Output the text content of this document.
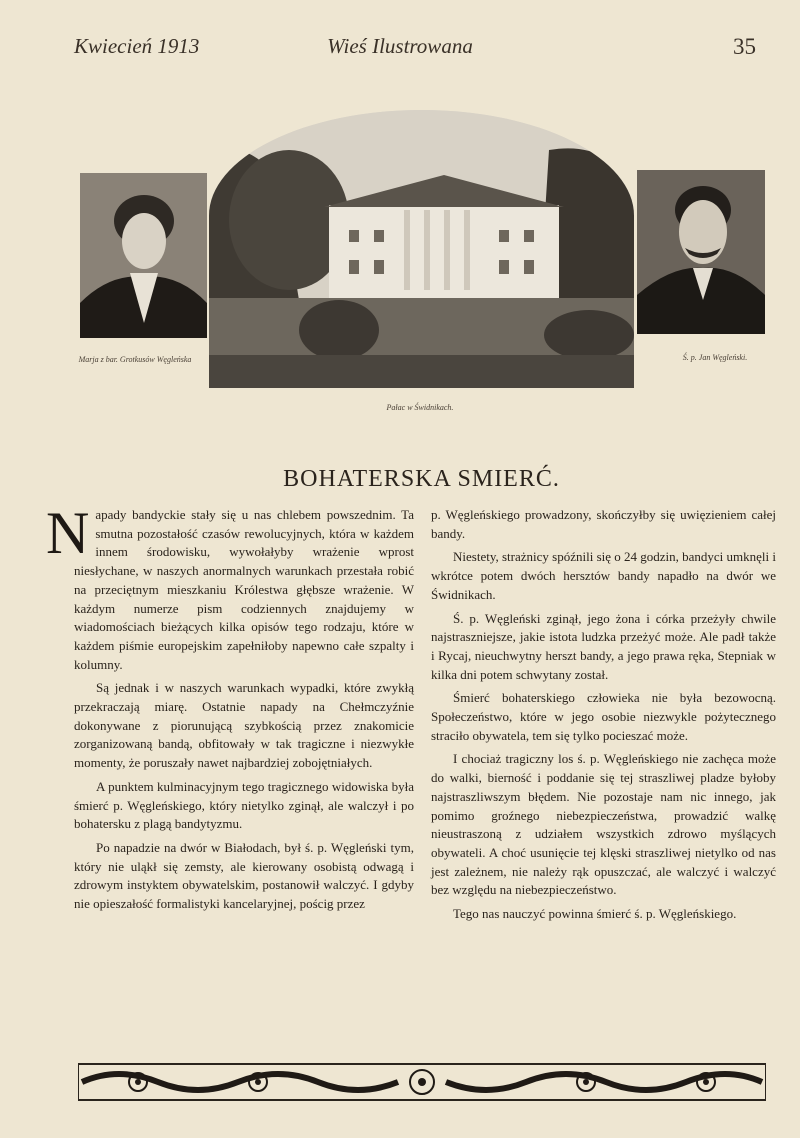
Kwiecień 1913	Wieś Ilustrowana	35
Marja z bar. Grotkusów Węgleńska	Ś. p. Jan Węgleński.
Pałac w Świdnikach.
BOHATERSKA SMIERĆ.

Napady bandyckie stały się u nas chlebem powszednim. Ta smutna pozostałość czasów rewolucyjnych, która w każdem innem środowisku, wywołałyby wrażenie wprost niesłychane, w naszych anormalnych warunkach przestała robić na przeciętnym mieszkaniu Królestwa głębsze wrażenie. W każdym numerze pism codziennych znajdujemy w wiadomościach bieżących kilka opisów tego rodzaju, które w każdem piśmie europejskim zapełniłoby napewno całe szpalty i kolumny.

Są jednak i w naszych warunkach wypadki, które zwykłą przekraczają miarę. Ostatnie napady na Chełmczyźnie dokonywane z piorunującą szybkością przez znakomicie zorganizowaną bandą, obfitowały w tak tragiczne i niezwykłe momenty, że poruszały nawet najbardziej zobojętniałych.

A punktem kulminacyjnym tego tragicznego widowiska była śmierć p. Węgleńskiego, który nietylko zginął, ale walczył i po bohatersku z plagą bandytyzmu.

Po napadzie na dwór w Białodach, był ś. p. Węgleński tym, który nie uląkł się zemsty, ale kierowany osobistą odwagą i zdrowym instyktem obywatelskim, postanowił walczyć. I gdyby nie opieszałość formalistyki kancelaryjnej, pościg przez

p. Węgleńskiego prowadzony, skończyłby się uwięzieniem całej bandy.

Niestety, strażnicy spóźnili się o 24 godzin, bandyci umknęli i wkrótce potem dwóch hersztów bandy napadło na dwór we Świdnikach.

Ś. p. Węgleński zginął, jego żona i córka przeżyły chwile najstraszniejsze, jakie istota ludzka przeżyć może. Ale padł także i Rycaj, nieuchwytny herszt bandy, a jego prawa ręka, Stepniak w kilka dni potem schwytany został.

Śmierć bohaterskiego człowieka nie była bezowocną. Społeczeństwo, które w jego osobie niezwykle pożytecznego straciło obywatela, tem się tylko pocieszać może.

I chociaż tragiczny los ś. p. Węgleńskiego nie zachęca może do walki, bierność i poddanie się tej straszliwej pladze byłoby najstraszliwszym błędem. Nie pozostaje nam nic innego, jak pomimo groźnego niebezpieczeństwa, prowadzić walkę nieustraszoną z udziałem wszystkich zdrowo myślących obywateli. A choć usunięcie tej klęski straszliwej nietylko od nas jest zależnem, nie należy rąk opuszczać, ale walczyć i walczyć bez względu na niebezpieczeństwo.

Tego nas nauczyć powinna śmierć ś. p. Węgleńskiego.
